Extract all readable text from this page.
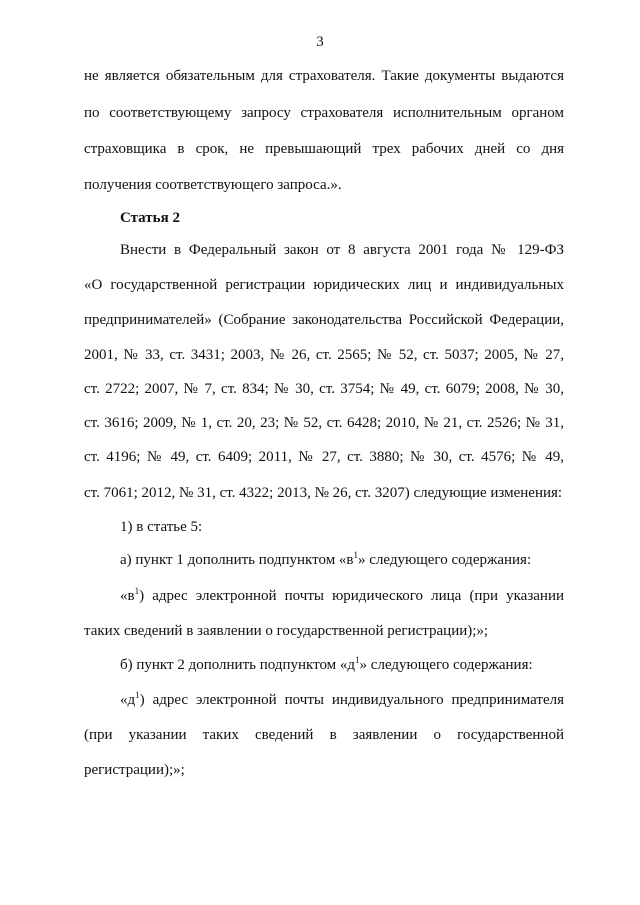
3
не является обязательным для страхователя. Такие документы выдаются
по соответствующему запросу страхователя исполнительным органом
страховщика в срок, не превышающий трех рабочих дней со дня
получения соответствующего запроса.».
Статья 2
Внести в Федеральный закон от 8 августа 2001 года № 129-ФЗ
«О государственной регистрации юридических лиц и индивидуальных
предпринимателей» (Собрание законодательства Российской Федерации,
2001, № 33, ст. 3431; 2003, № 26, ст. 2565; № 52, ст. 5037; 2005, № 27,
ст. 2722; 2007, № 7, ст. 834; № 30, ст. 3754; № 49, ст. 6079; 2008, № 30,
ст. 3616; 2009, № 1, ст. 20, 23; № 52, ст. 6428; 2010, № 21, ст. 2526; № 31,
ст. 4196; № 49, ст. 6409; 2011, № 27, ст. 3880; № 30, ст. 4576; № 49,
ст. 7061; 2012, № 31, ст. 4322; 2013, № 26, ст. 3207) следующие изменения:
1) в статье 5:
а) пункт 1 дополнить подпунктом «$в^1$» следующего содержания:
«$в^1$) адрес электронной почты юридического лица (при указании
таких сведений в заявлении о государственной регистрации);»;
б) пункт 2 дополнить подпунктом «$д^1$» следующего содержания:
«$д^1$) адрес электронной почты индивидуального предпринимателя
(при указании таких сведений в заявлении о государственной
регистрации);»;
